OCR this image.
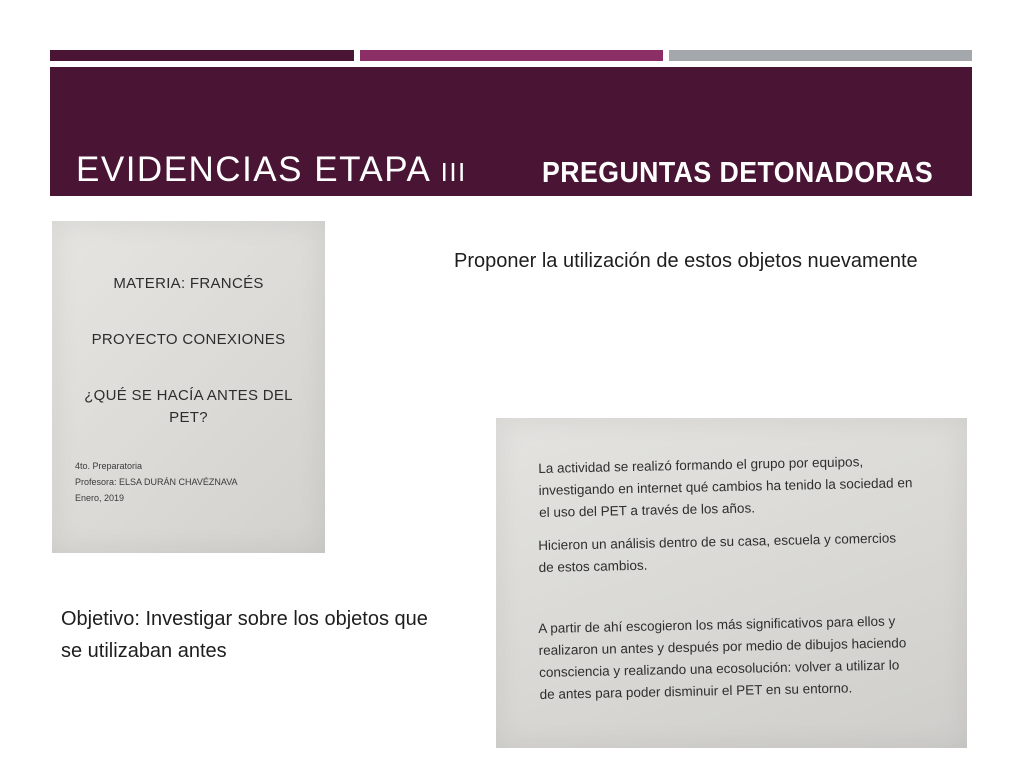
EVIDENCIAS ETAPA III	PREGUNTAS DETONADORAS
MATERIA: FRANCÉS
PROYECTO CONEXIONES
¿QUÉ SE HACÍA ANTES DEL PET?
4to. Preparatoria
Profesora: ELSA DURÁN CHAVÉZNAVA
Enero, 2019
Proponer la utilización de estos objetos nuevamente
Objetivo: Investigar sobre los objetos que se utilizaban antes
La actividad se realizó formando el grupo por equipos, investigando en internet qué cambios ha tenido la sociedad en el uso del PET a través de los años.
Hicieron un análisis dentro de su casa, escuela y comercios de estos cambios.
A partir de ahí escogieron los más significativos para ellos y realizaron un antes y después por medio de dibujos haciendo consciencia y realizando una ecosolución: volver a utilizar lo de antes para poder disminuir el PET en su entorno.
